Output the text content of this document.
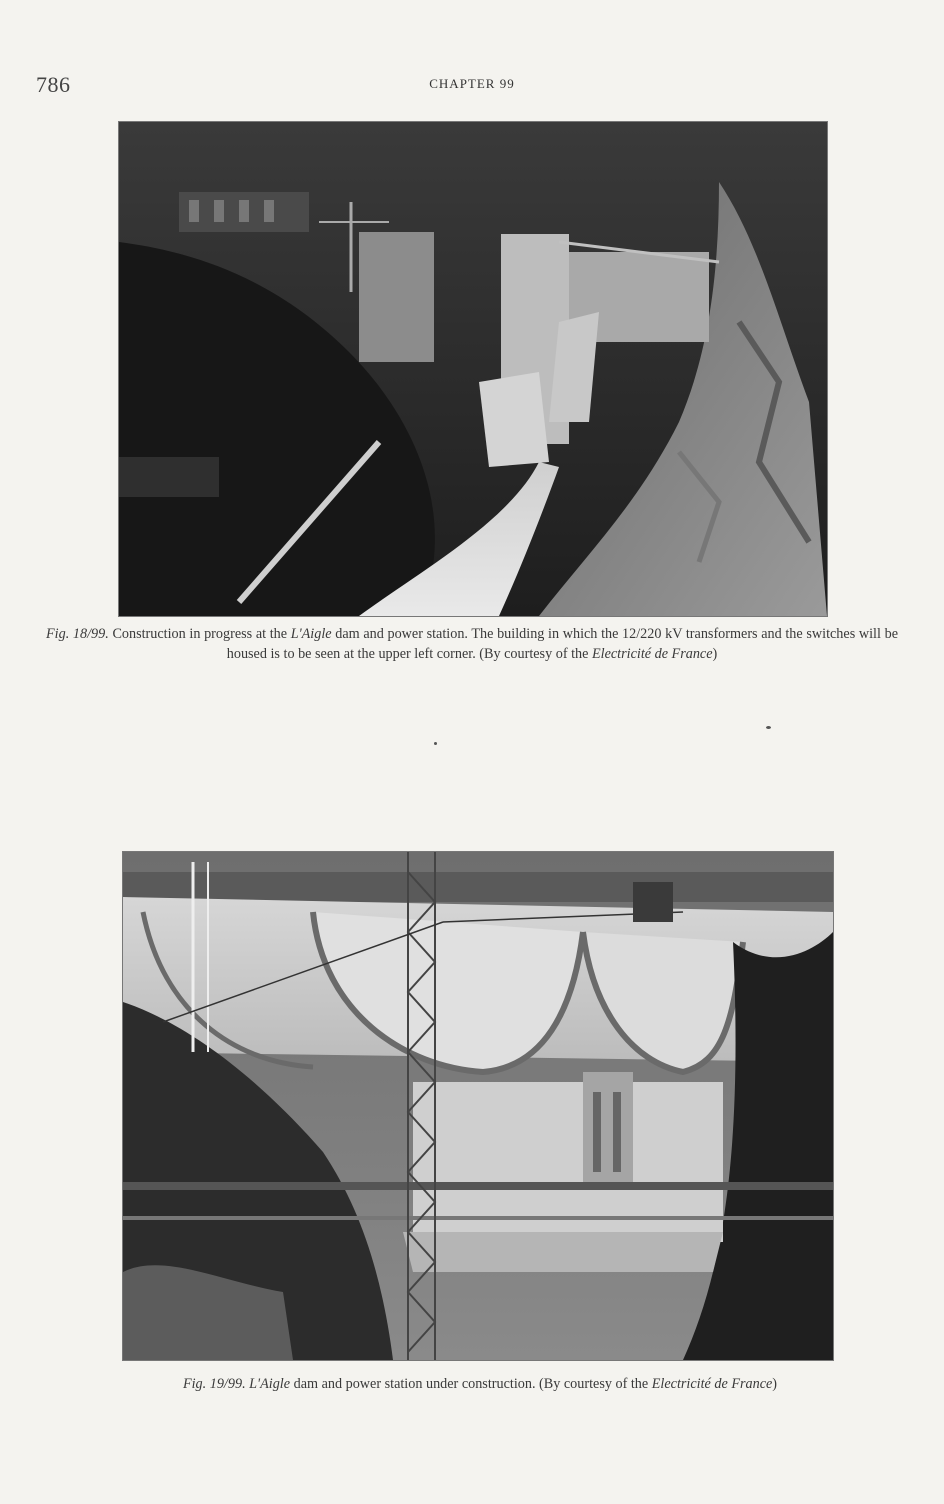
786	CHAPTER 99
Fig. 18/99. Construction in progress at the L'Aigle dam and power station. The building in which the 12/220 kV transformers and the switches will be housed is to be seen at the upper left corner. (By courtesy of the Electricité de France)
Fig. 19/99. L'Aigle dam and power station under construction. (By courtesy of the Electricité de France)
